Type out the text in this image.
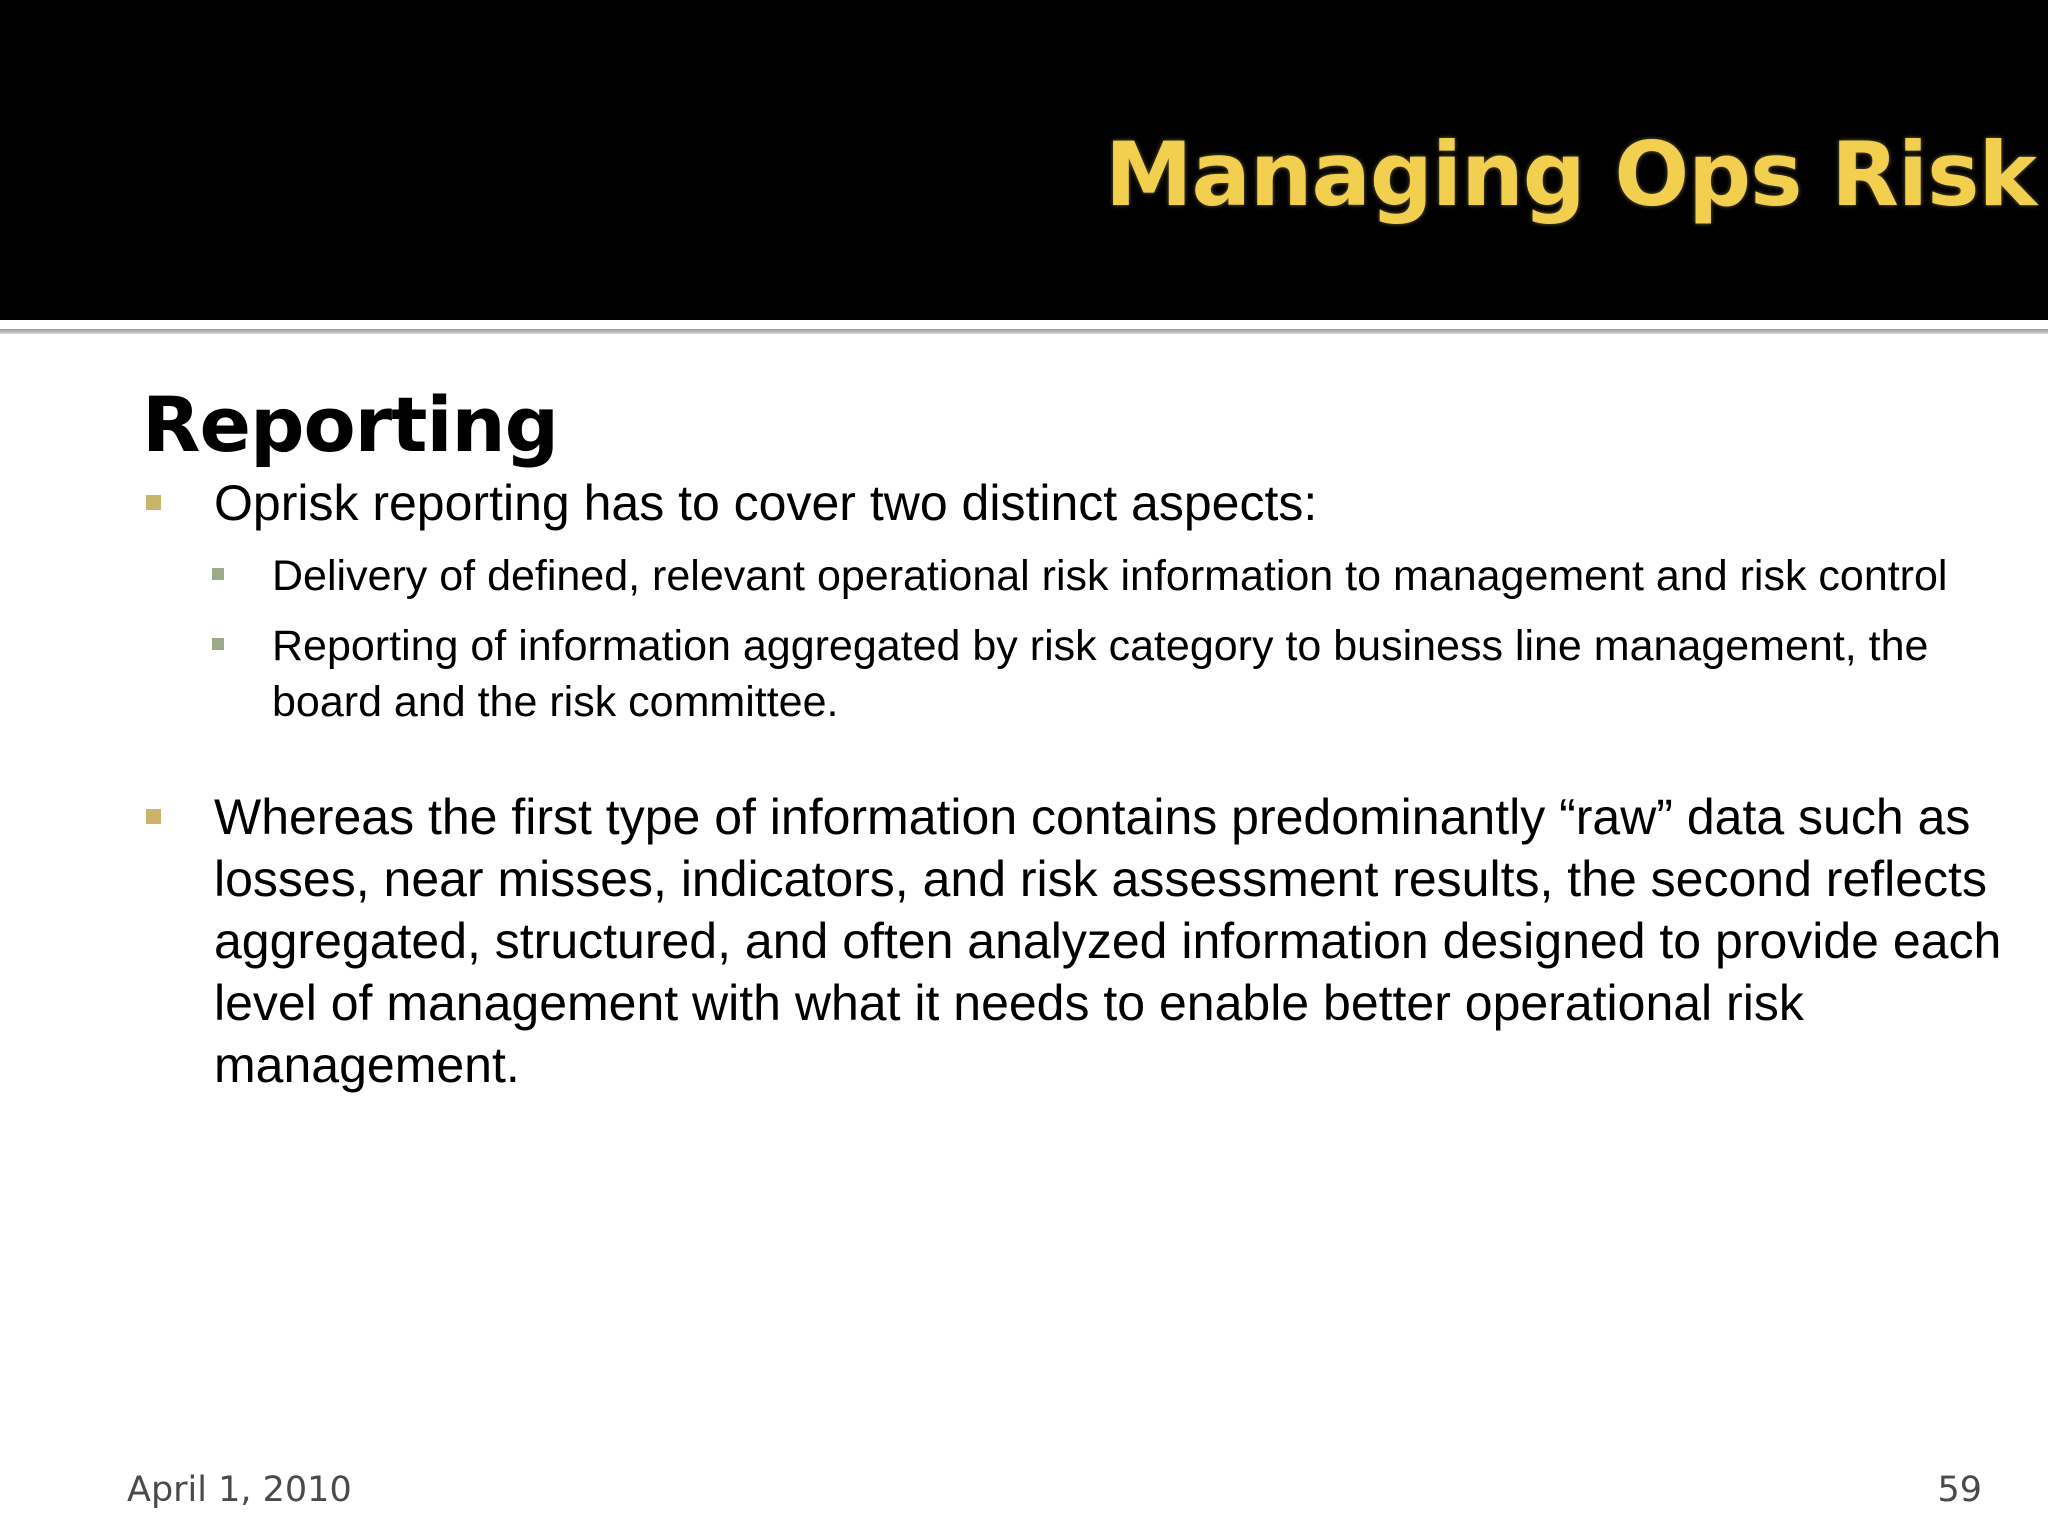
Managing Ops Risk
Reporting
Oprisk reporting has to cover two distinct aspects:
Delivery of defined, relevant operational risk information to management and risk control
Reporting of information aggregated by risk category to business line management, the board and the risk committee.
Whereas the first type of information contains predominantly “raw” data such as losses, near misses, indicators, and risk assessment results, the second reflects aggregated, structured, and often analyzed information designed to provide each level of management with what it needs to enable better operational risk management.
April 1, 2010	59
